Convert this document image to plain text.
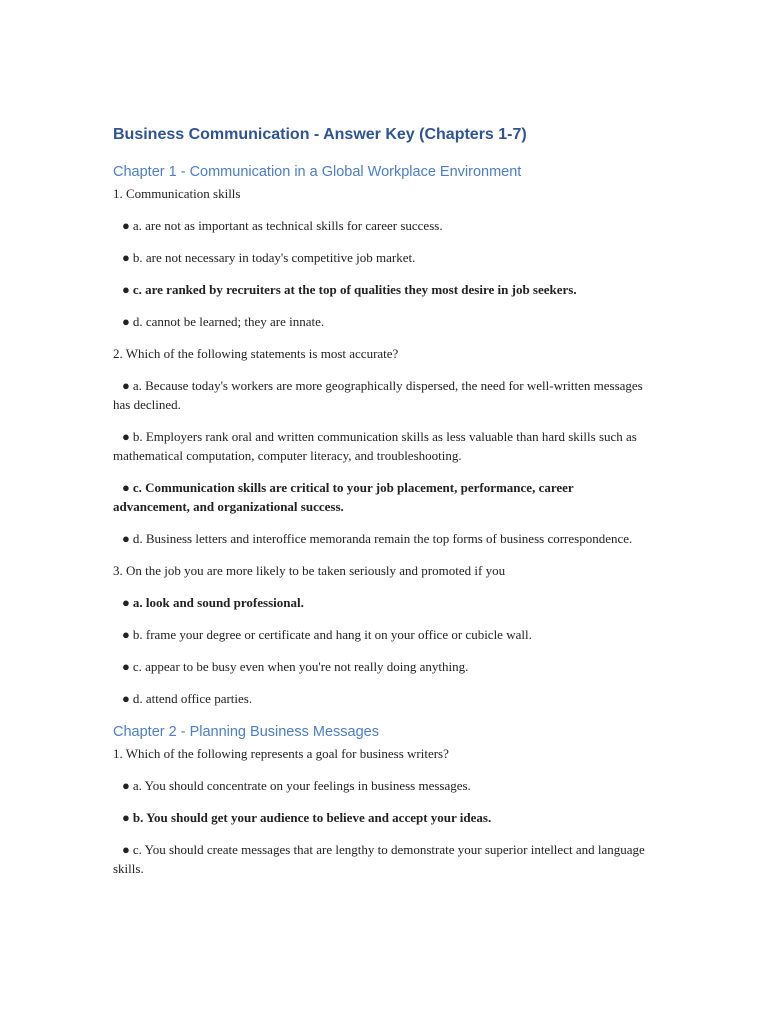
Business Communication - Answer Key (Chapters 1-7)
Chapter 1 - Communication in a Global Workplace Environment
1. Communication skills
● a. are not as important as technical skills for career success.
● b. are not necessary in today's competitive job market.
● c. are ranked by recruiters at the top of qualities they most desire in job seekers.
● d. cannot be learned; they are innate.
2. Which of the following statements is most accurate?
● a. Because today's workers are more geographically dispersed, the need for well-written messages has declined.
● b. Employers rank oral and written communication skills as less valuable than hard skills such as mathematical computation, computer literacy, and troubleshooting.
● c. Communication skills are critical to your job placement, performance, career advancement, and organizational success.
● d. Business letters and interoffice memoranda remain the top forms of business correspondence.
3. On the job you are more likely to be taken seriously and promoted if you
● a. look and sound professional.
● b. frame your degree or certificate and hang it on your office or cubicle wall.
● c. appear to be busy even when you're not really doing anything.
● d. attend office parties.
Chapter 2 - Planning Business Messages
1. Which of the following represents a goal for business writers?
● a. You should concentrate on your feelings in business messages.
● b. You should get your audience to believe and accept your ideas.
● c. You should create messages that are lengthy to demonstrate your superior intellect and language skills.
